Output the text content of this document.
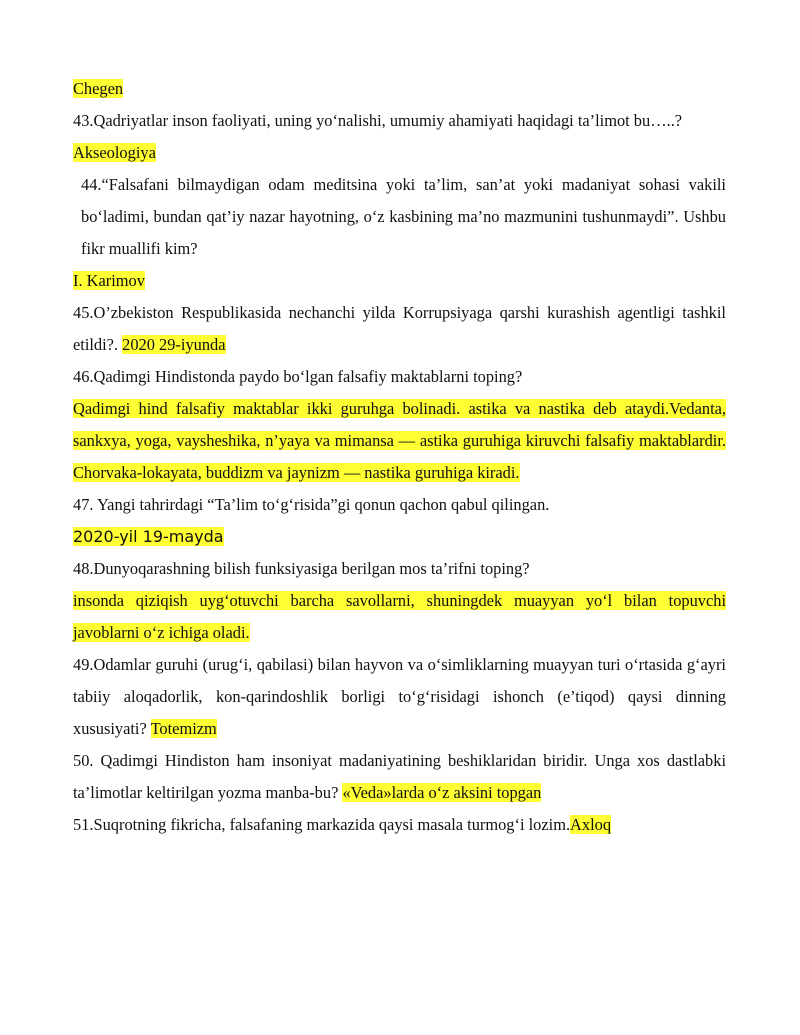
Chegen

43.Qadriyatlar inson faoliyati, uning yo‘nalishi, umumiy ahamiyati haqidagi ta’limot bu…..?

Akseologiya

44.“Falsafani bilmaydigan odam meditsina yoki ta’lim, san’at yoki madaniyat sohasi vakili bo‘ladimi, bundan qat’iy nazar hayotning, o‘z kasbining ma’no mazmunini tushunmaydi”. Ushbu fikr muallifi kim?

I. Karimov

45.O’zbekiston Respublikasida nechanchi yilda Korrupsiyaga qarshi kurashish agentligi tashkil etildi?. 2020 29-iyunda

46.Qadimgi Hindistonda paydo bo‘lgan falsafiy maktablarni toping?

Qadimgi hind falsafiy maktablar ikki guruhga bolinadi. astika va nastika deb ataydi.Vedanta, sankxya, yoga, vaysheshika, n’yaya va mimansa — astika guruhiga kiruvchi falsafiy maktablardir. Chorvaka-lokayata, buddizm va jaynizm — nastika guruhiga kiradi.

47. Yangi tahrirdagi “Ta’lim to‘g‘risida”gi qonun qachon qabul qilingan.

2020-yil 19-mayda

48.Dunyoqarashning bilish funksiyasiga berilgan mos ta’rifni toping?

insonda qiziqish uyg‘otuvchi barcha savollarni, shuningdek muayyan yo‘l bilan topuvchi javoblarni o‘z ichiga oladi.

49.Odamlar guruhi (urug‘i, qabilasi) bilan hayvon va o‘simliklarning muayyan turi o‘rtasida g‘ayri tabiiy aloqadorlik, kon-qarindoshlik borligi to‘g‘risidagi ishonch (e’tiqod) qaysi dinning xususiyati? Totemizm

50. Qadimgi Hindiston ham insoniyat madaniyatining beshiklaridan biridir. Unga xos dastlabki ta’limotlar keltirilgan yozma manba-bu? «Veda»larda o‘z aksini topgan

51.Suqrotning fikricha, falsafaning markazida qaysi masala turmog‘i lozim.Axloq
